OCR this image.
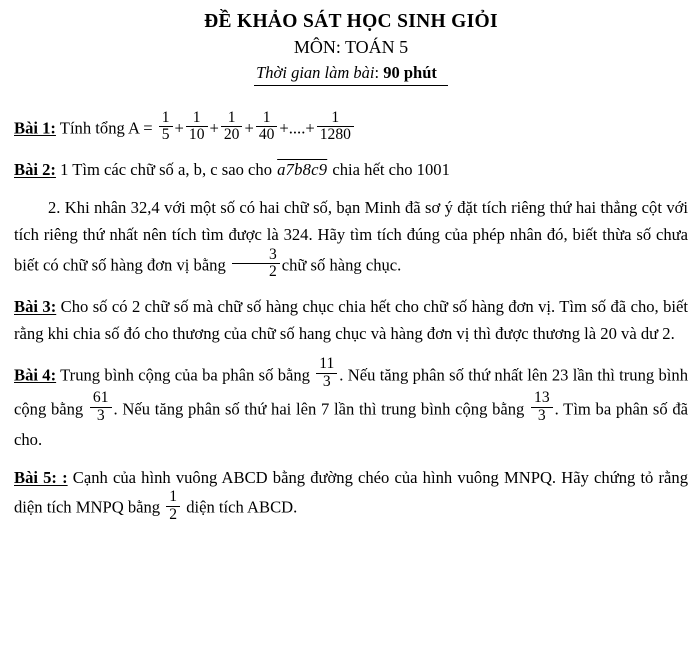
ĐỀ KHẢO SÁT HỌC SINH GIỎI
MÔN: TOÁN 5
Thời gian làm bài: 90 phút

Bài 1: Tính tổng $A = \frac{1}{5} + \frac{1}{10} + \frac{1}{20} + \frac{1}{40}$ +....+ $\frac{1}{1280}$

Bài 2: 1 Tìm các chữ số a, b, c sao cho a7b8c9 chia hết cho 1001

2. Khi nhân 32,4 với một số có hai chữ số, bạn Minh đã sơ ý đặt tích riêng thứ hai thẳng cột với tích riêng thứ nhất nên tích tìm được là 324. Hãy tìm tích đúng của phép nhân đó, biết thừa số chưa biết có chữ số hàng đơn vị bằng $\frac{3}{2}$ chữ số hàng chục.

Bài 3: Cho số có 2 chữ số mà chữ số hàng chục chia hết cho chữ số hàng đơn vị. Tìm số đã cho, biết rằng khi chia số đó cho thương của chữ số hang chục và hàng đơn vị thì được thương là 20 và dư 2.

Bài 4: Trung bình cộng của ba phân số bằng $\frac{11}{3}$ . Nếu tăng phân số thứ nhất lên 23 lần thì trung bình cộng bằng $\frac{61}{3}$ . Nếu tăng phân số thứ hai lên 7 lần thì trung bình cộng bằng $\frac{13}{3}$ . Tìm ba phân số đã cho.

Bài 5: : Cạnh của hình vuông ABCD bằng đường chéo của hình vuông MNPQ. Hãy chứng tỏ rằng diện tích MNPQ bằng $\frac{1}{2}$ diện tích ABCD.
